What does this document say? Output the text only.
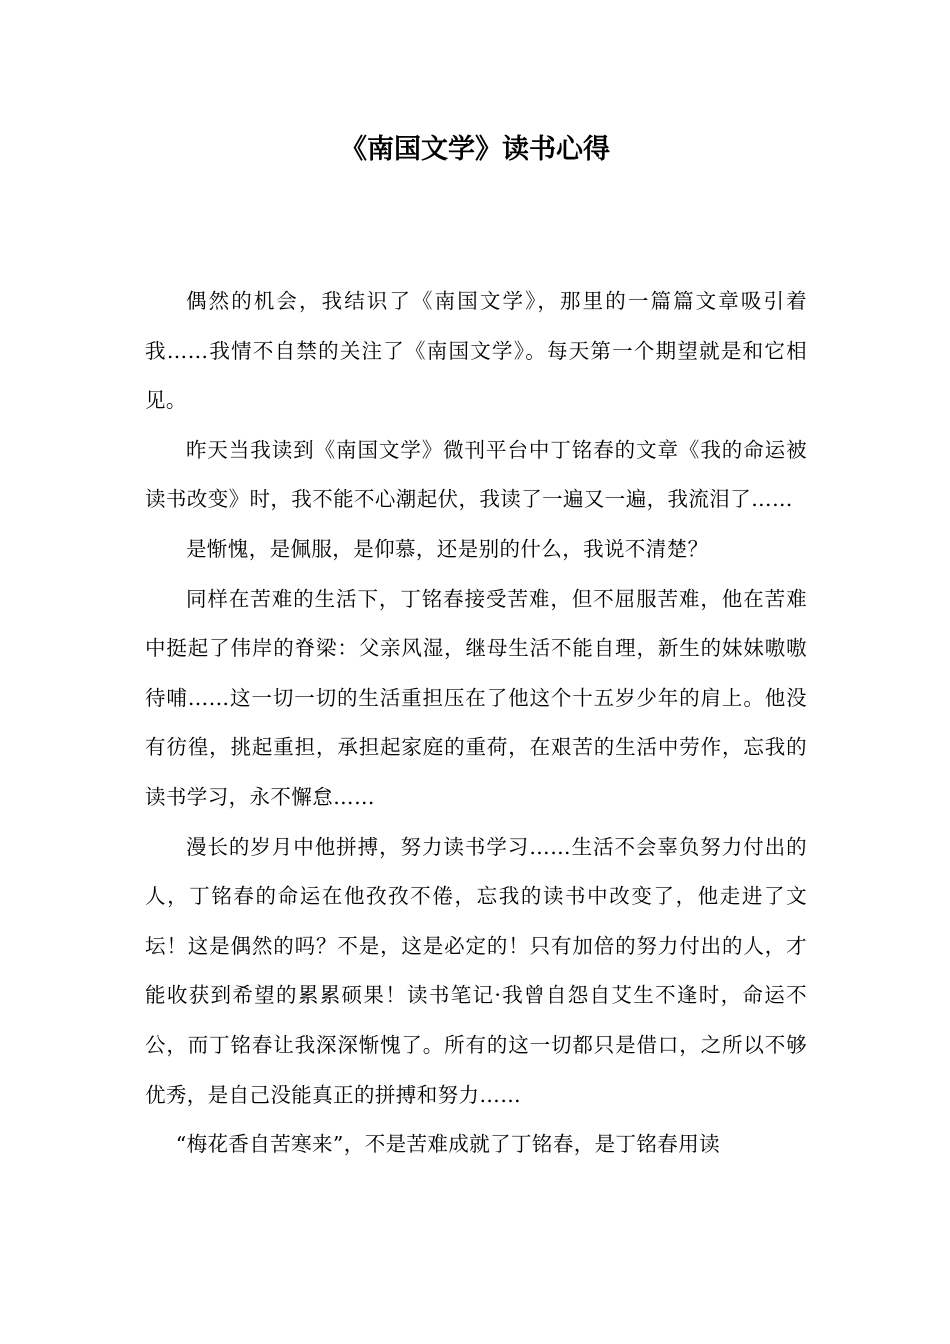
《南国文学》读书心得

偶然的机会，我结识了《南国文学》，那里的一篇篇文章吸引着我……我情不自禁的关注了《南国文学》。每天第一个期望就是和它相见。

昨天当我读到《南国文学》微刊平台中丁铭春的文章《我的命运被读书改变》时，我不能不心潮起伏，我读了一遍又一遍，我流泪了……

是惭愧，是佩服，是仰慕，还是别的什么，我说不清楚？

同样在苦难的生活下，丁铭春接受苦难，但不屈服苦难，他在苦难中挺起了伟岸的脊梁：父亲风湿，继母生活不能自理，新生的妹妹嗷嗷待哺……这一切一切的生活重担压在了他这个十五岁少年的肩上。他没有彷徨，挑起重担，承担起家庭的重荷，在艰苦的生活中劳作，忘我的读书学习，永不懈怠……

漫长的岁月中他拼搏，努力读书学习……生活不会辜负努力付出的人，丁铭春的命运在他孜孜不倦，忘我的读书中改变了，他走进了文坛！这是偶然的吗？不是，这是必定的！只有加倍的努力付出的人，才能收获到希望的累累硕果！读书笔记·我曾自怨自艾生不逢时，命运不公，而丁铭春让我深深惭愧了。所有的这一切都只是借口，之所以不够优秀，是自己没能真正的拼搏和努力……

“梅花香自苦寒来”，不是苦难成就了丁铭春，是丁铭春用读
